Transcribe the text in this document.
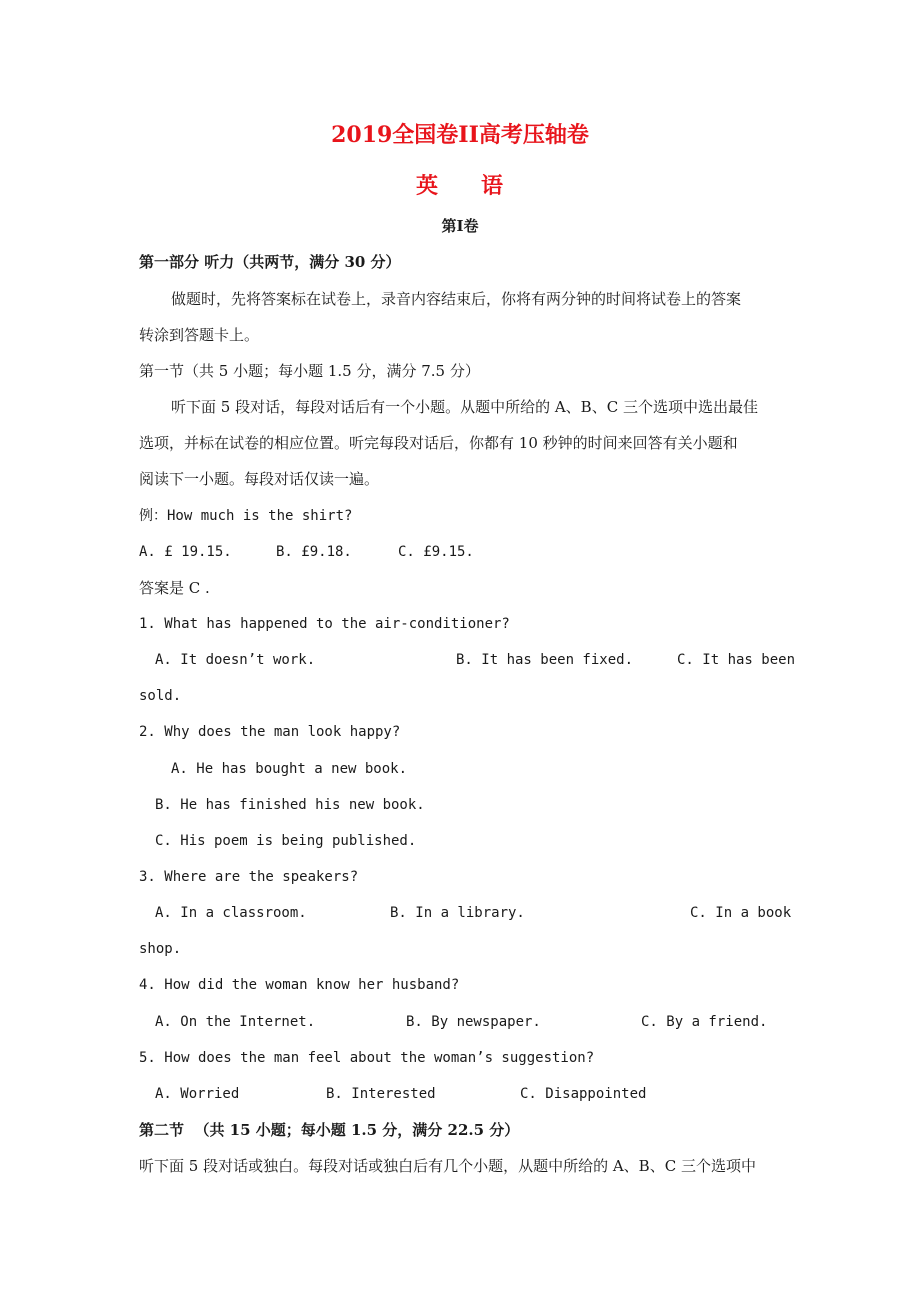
2019全国卷II高考压轴卷
英 语
第I卷
第一部分 听力（共两节，满分 30 分）
做题时，先将答案标在试卷上，录音内容结束后，你将有两分钟的时间将试卷上的答案
转涂到答题卡上。
第一节（共 5 小题；每小题 1.5 分，满分 7.5 分）
听下面 5 段对话，每段对话后有一个小题。从题中所给的 A、B、C 三个选项中选出最佳
选项，并标在试卷的相应位置。听完每段对话后，你都有 10 秒钟的时间来回答有关小题和
阅读下一小题。每段对话仅读一遍。
例：How much is the shirt?
A. £ 19.15.	B. £9.18.	C. £9.15.
答案是 C .
1. What has happened to the air-conditioner?
A. It doesn’t work.	B. It has been fixed.	C. It has been
sold.
2. Why does the man look happy?
A. He has bought a new book.
B. He has finished his new book.
C. His poem is being published.
3. Where are the speakers?
A. In a classroom.	B. In a library.	C. In a book
shop.
4. How did the woman know her husband?
A. On the Internet.	B. By newspaper.	C. By a friend.
5. How does the man feel about the woman’s suggestion?
A. Worried	B. Interested	C. Disappointed
第二节  （共 15 小题；每小题 1.5 分，满分 22.5 分）
听下面 5 段对话或独白。每段对话或独白后有几个小题，从题中所给的 A、B、C 三个选项中
